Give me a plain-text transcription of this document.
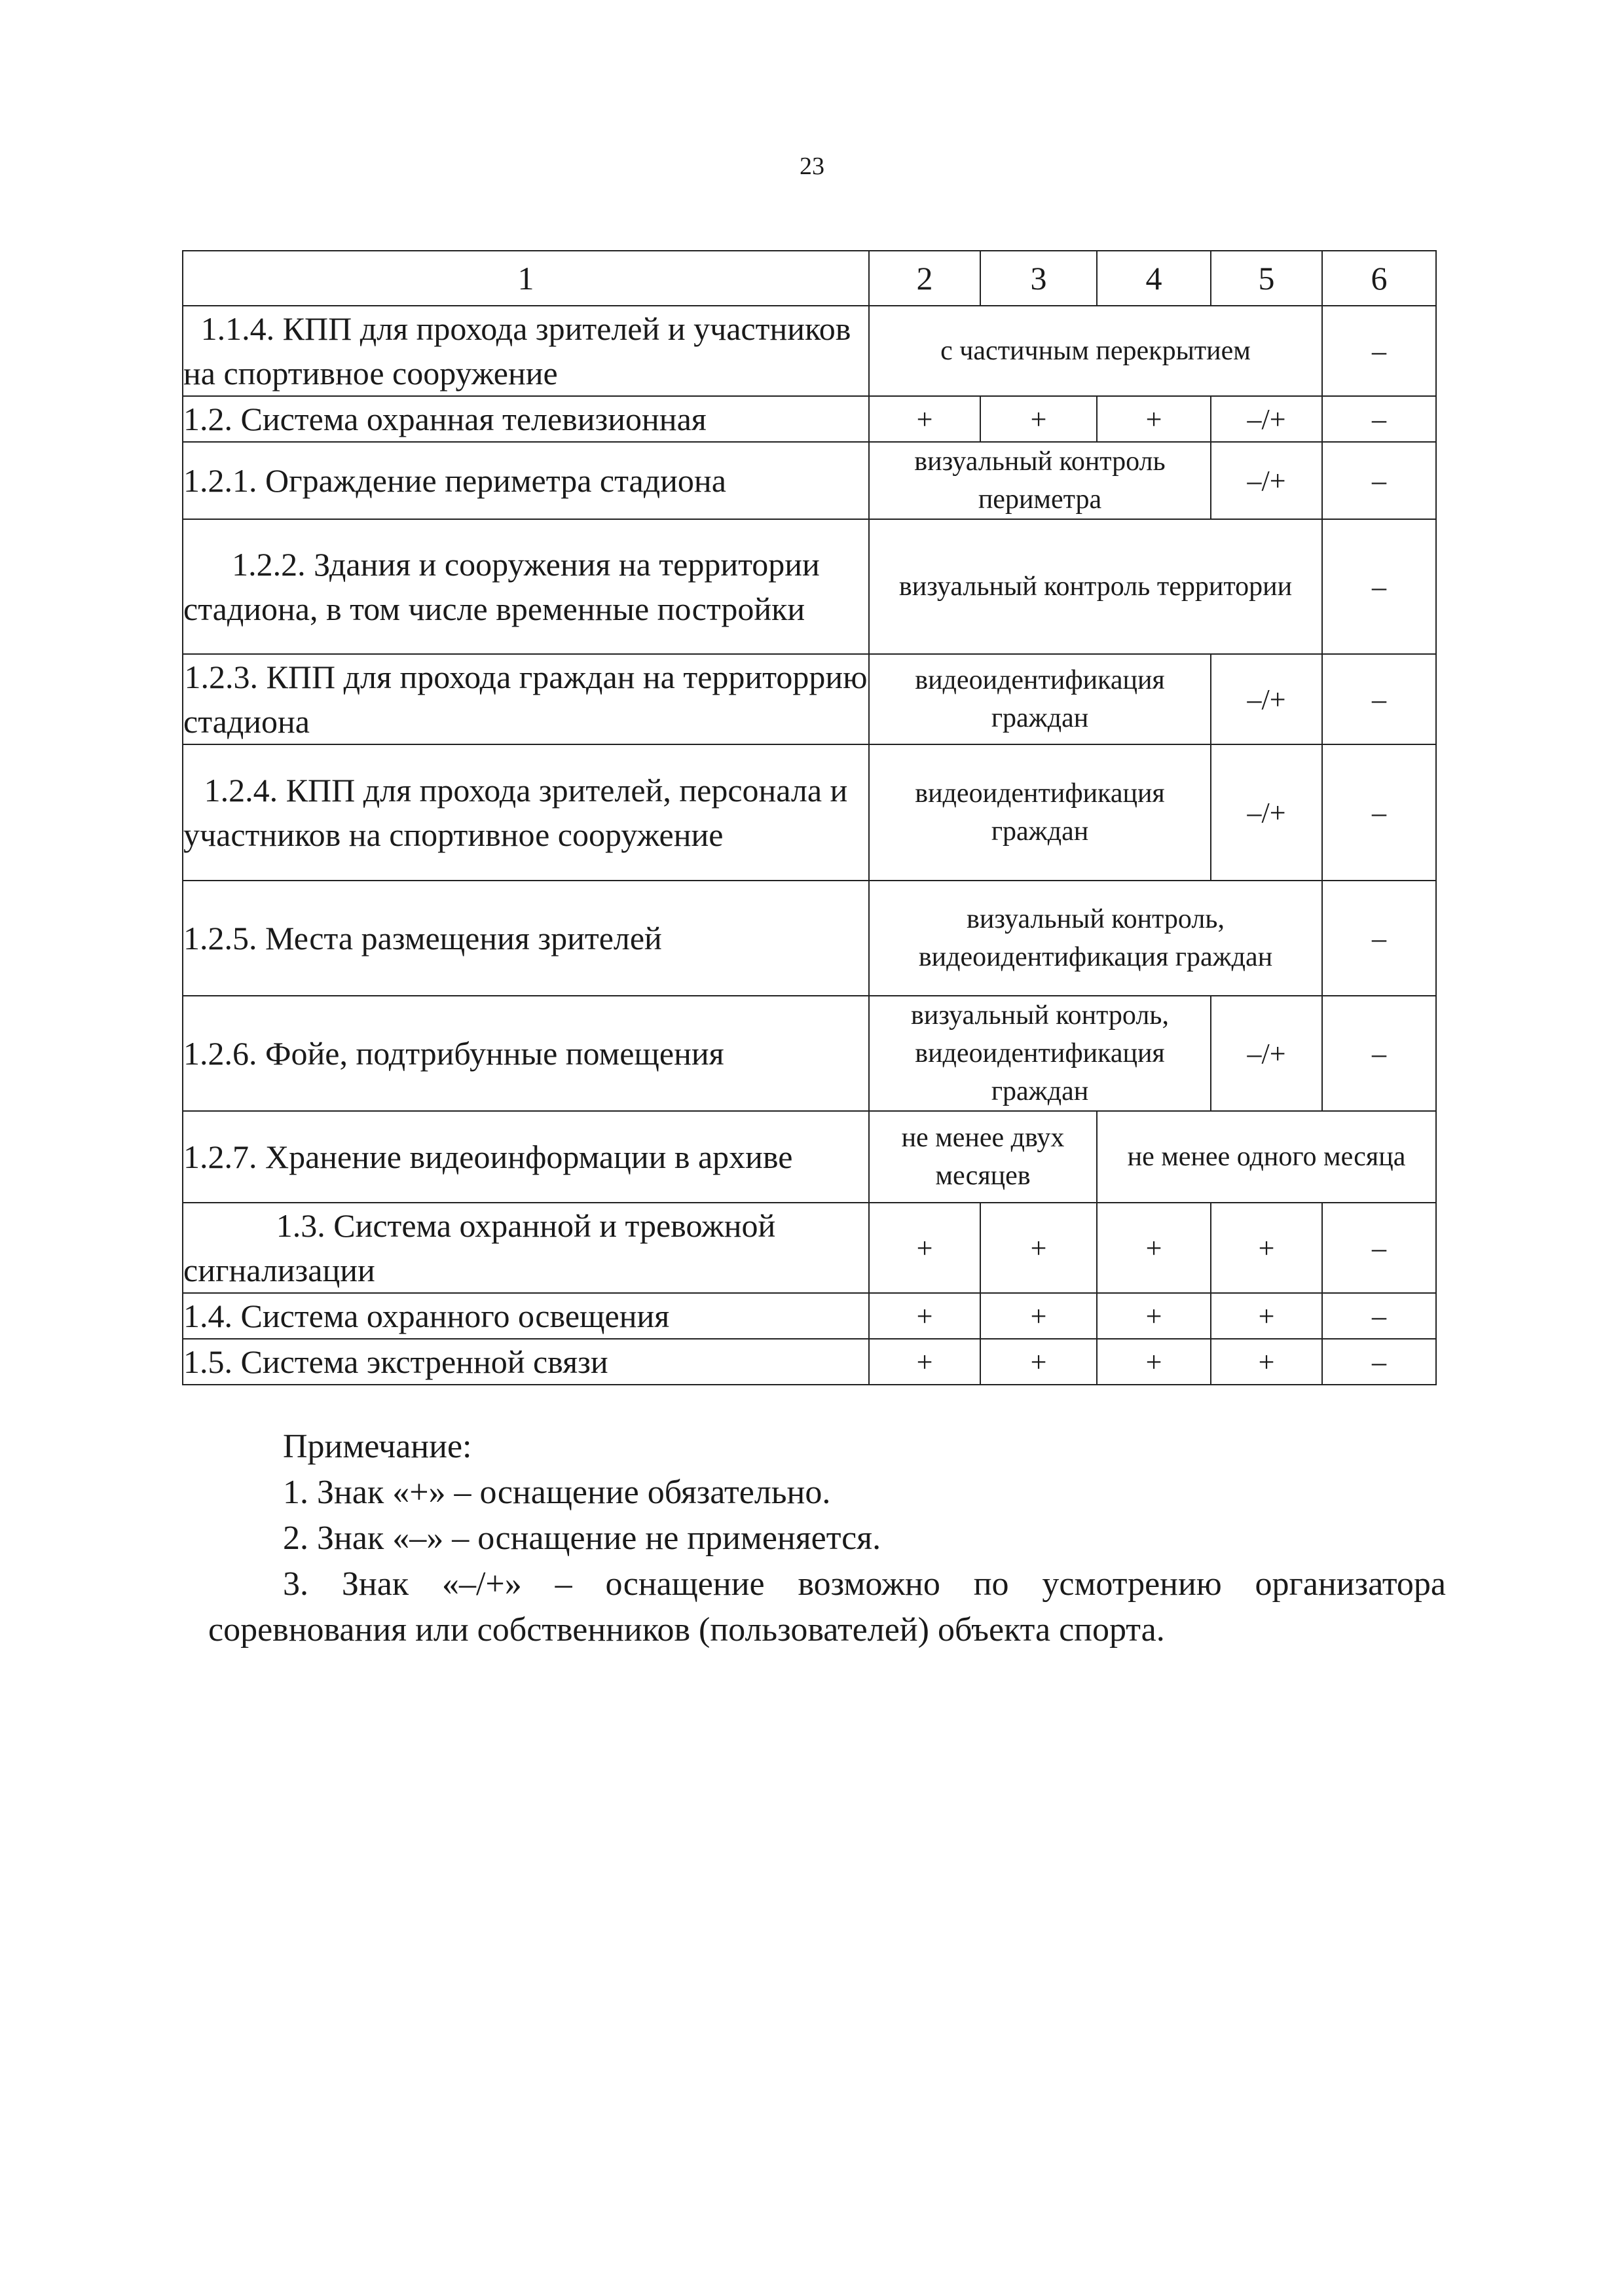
23
1	2	3	4	5	6
1.1.4. КПП для прохода зрителей и участников на спортивное сооружение	с частичным перекрытием				–
1.2. Система охранная телевизионная	+	+	+	–/+	–
1.2.1. Ограждение периметра стадиона	визуальный контроль периметра			–/+	–
1.2.2. Здания и сооружения на территории стадиона, в том числе временные постройки	визуальный контроль территории				–
1.2.3. КПП для прохода граждан на территоррию стадиона	видеоидентификация граждан			–/+	–
1.2.4. КПП для прохода зрителей, персонала и участников на спортивное сооружение	видеоидентификация граждан			–/+	–
1.2.5. Места размещения зрителей	визуальный контроль, видеоидентификация граждан				–
1.2.6. Фойе, подтрибунные помещения	визуальный контроль, видеоидентификация граждан			–/+	–
1.2.7. Хранение видеоинформации в архиве	не менее двух месяцев		не менее одного месяца		
1.3. Система охранной и тревожной сигнализации	+	+	+	+	–
1.4. Система охранного освещения	+	+	+	+	–
1.5. Система экстренной связи	+	+	+	+	–
Примечание:
1. Знак «+» – оснащение обязательно.
2. Знак «–» – оснащение не применяется.
3. Знак «–/+» – оснащение возможно по усмотрению организатора соревнования или собственников (пользователей) объекта спорта.
